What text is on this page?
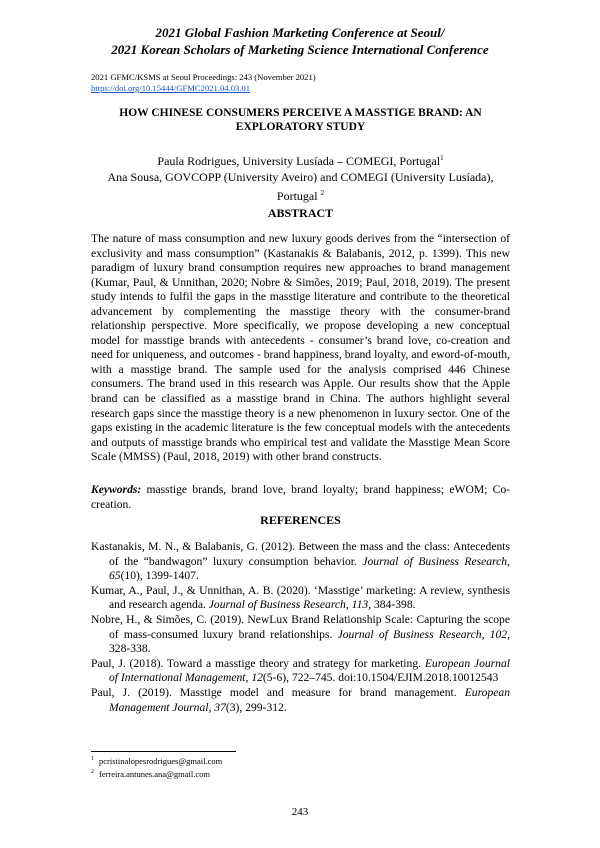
2021 Global Fashion Marketing Conference at Seoul/
2021 Korean Scholars of Marketing Science International Conference
2021 GFMC/KSMS at Seoul Proceedings: 243 (November 2021)
https://doi.org/10.15444/GFMC2021.04.03.01
HOW CHINESE CONSUMERS PERCEIVE A MASSTIGE BRAND: AN EXPLORATORY STUDY
Paula Rodrigues, University Lusíada – COMEGI, Portugal$^1$
Ana Sousa, GOVCOPP (University Aveiro) and COMEGI (University Lusíada), Portugal $^2$
ABSTRACT

The nature of mass consumption and new luxury goods derives from the “intersection of exclusivity and mass consumption” (Kastanakis & Balabanis, 2012, p. 1399). This new paradigm of luxury brand consumption requires new approaches to brand management (Kumar, Paul, & Unnithan, 2020; Nobre & Simões, 2019; Paul, 2018, 2019). The present study intends to fulfil the gaps in the masstige literature and contribute to the theoretical advancement by complementing the masstige theory with the consumer-brand relationship perspective. More specifically, we propose developing a new conceptual model for masstige brands with antecedents - consumer’s brand love, co-creation and need for uniqueness, and outcomes - brand happiness, brand loyalty, and eword-of-mouth, with a masstige brand. The sample used for the analysis comprised 446 Chinese consumers. The brand used in this research was Apple. Our results show that the Apple brand can be classified as a masstige brand in China. The authors highlight several research gaps since the masstige theory is a new phenomenon in luxury sector. One of the gaps existing in the academic literature is the few conceptual models with the antecedents and outputs of masstige brands who empirical test and validate the Masstige Mean Score Scale (MMSS) (Paul, 2018, 2019) with other brand constructs.

Keywords: masstige brands, brand love, brand loyalty; brand happiness; eWOM; Co-creation.

REFERENCES
Kastanakis, M. N., & Balabanis, G. (2012). Between the mass and the class: Antecedents of the “bandwagon” luxury consumption behavior. Journal of Business Research, 65(10), 1399-1407.
Kumar, A., Paul, J., & Unnithan, A. B. (2020). ‘Masstige’ marketing: A review, synthesis and research agenda. Journal of Business Research, 113, 384-398.
Nobre, H., & Simões, C. (2019). NewLux Brand Relationship Scale: Capturing the scope of mass-consumed luxury brand relationships. Journal of Business Research, 102, 328-338.
Paul, J. (2018). Toward a masstige theory and strategy for marketing. European Journal of International Management, 12(5-6), 722–745. doi:10.1504/EJIM.2018.10012543
Paul, J. (2019). Masstige model and measure for brand management. European Management Journal, 37(3), 299-312.
$^1$ pcristinalopesrodrigues@gmail.com
$^2$ ferreira.antunes.ana@gmail.com
243
